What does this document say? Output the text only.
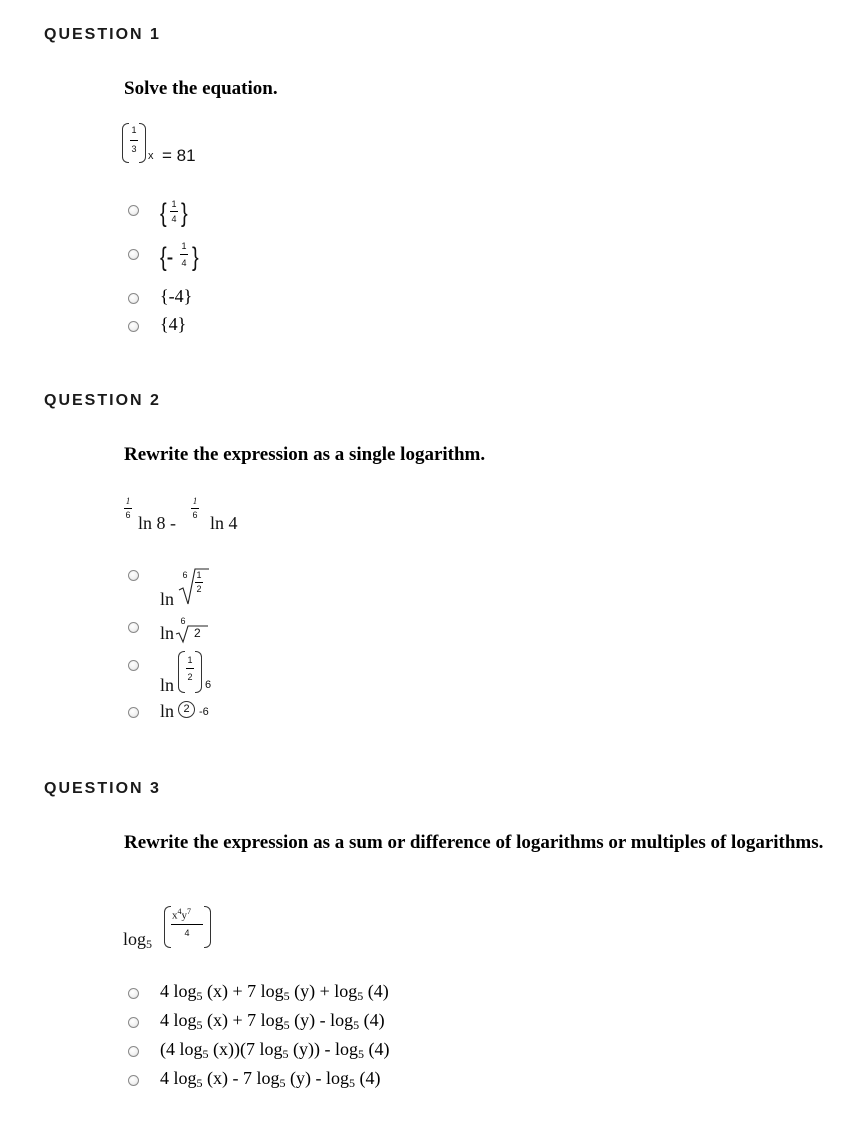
QUESTION 1
Solve the equation.
1
3
x = 81
{ 1
4 }
{- 1
4 }
{-4}
{4}
QUESTION 2
Rewrite the expression as a single logarithm.
1
6 ln 8 -
1
6 ln 4
ln
6 1
2
ln
6
2
ln
1
2
6
ln 2 -6
QUESTION 3
Rewrite the expression as a sum or difference of logarithms or multiples of logarithms.
$\log_5$
$x^4y^7$
4
4 $\log_5 (x) + 7$ $\log_5 (y) + \log_5 (4)$
4 $\log_5 (x) + 7$ $\log_5 (y) - \log_5 (4)$
(4 $\log_5 (x))(7$ $\log_5 (y)) - \log_5 (4)$
4 $\log_5 (x) - 7$ $\log_5 (y) - \log_5 (4)$
